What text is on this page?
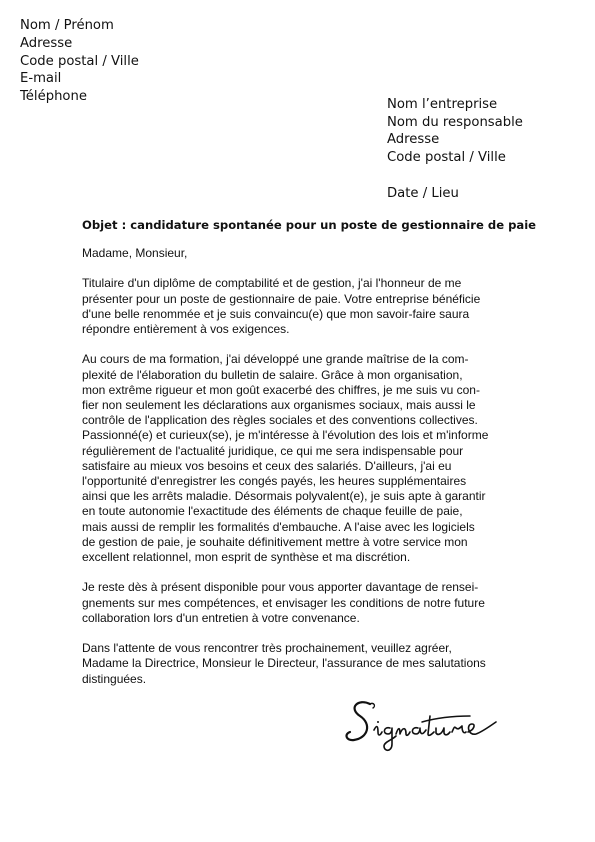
Nom / Prénom
Adresse
Code postal / Ville
E-mail
Téléphone
Nom l’entreprise
Nom du responsable
Adresse
Code postal / Ville
Date / Lieu
Objet : candidature spontanée pour un poste de gestionnaire de paie

Madame, Monsieur,

Titulaire d'un diplôme de comptabilité et de gestion, j'ai l'honneur de me
présenter pour un poste de gestionnaire de paie. Votre entreprise bénéficie
d'une belle renommée et je suis convaincu(e) que mon savoir-faire saura
répondre entièrement à vos exigences.

Au cours de ma formation, j'ai développé une grande maîtrise de la com-
plexité de l'élaboration du bulletin de salaire. Grâce à mon organisation,
mon extrême rigueur et mon goût exacerbé des chiffres, je me suis vu con-
fier non seulement les déclarations aux organismes sociaux, mais aussi le
contrôle de l'application des règles sociales et des conventions collectives.
Passionné(e) et curieux(se), je m'intéresse à l'évolution des lois et m'informe
régulièrement de l'actualité juridique, ce qui me sera indispensable pour
satisfaire au mieux vos besoins et ceux des salariés. D'ailleurs, j'ai eu
l'opportunité d'enregistrer les congés payés, les heures supplémentaires
ainsi que les arrêts maladie. Désormais polyvalent(e), je suis apte à garantir
en toute autonomie l'exactitude des éléments de chaque feuille de paie,
mais aussi de remplir les formalités d'embauche. A l'aise avec les logiciels
de gestion de paie, je souhaite définitivement mettre à votre service mon
excellent relationnel, mon esprit de synthèse et ma discrétion.

Je reste dès à présent disponible pour vous apporter davantage de rensei-
gnements sur mes compétences, et envisager les conditions de notre future
collaboration lors d'un entretien à votre convenance.

Dans l'attente de vous rencontrer très prochainement, veuillez agréer,
Madame la Directrice, Monsieur le Directeur, l'assurance de mes salutations
distinguées.
